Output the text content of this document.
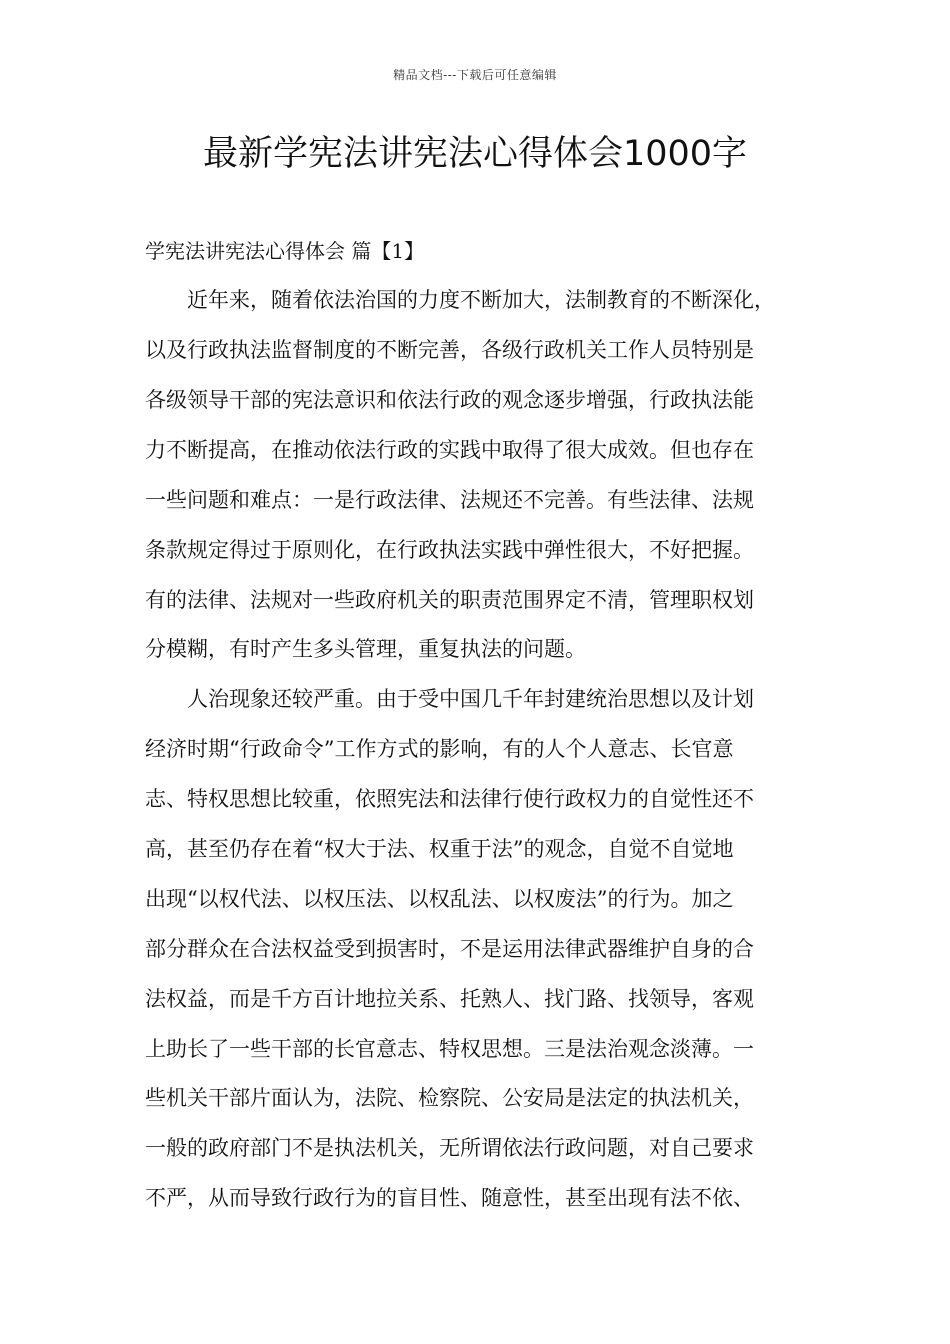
精品文档---下载后可任意编辑
最新学宪法讲宪法心得体会1000字

学宪法讲宪法心得体会 篇【1】

近年来，随着依法治国的力度不断加大，法制教育的不断深化，
以及行政执法监督制度的不断完善，各级行政机关工作人员特别是
各级领导干部的宪法意识和依法行政的观念逐步增强，行政执法能
力不断提高，在推动依法行政的实践中取得了很大成效。但也存在
一些问题和难点：一是行政法律、法规还不完善。有些法律、法规
条款规定得过于原则化，在行政执法实践中弹性很大，不好把握。
有的法律、法规对一些政府机关的职责范围界定不清，管理职权划
分模糊，有时产生多头管理，重复执法的问题。
人治现象还较严重。由于受中国几千年封建统治思想以及计划
经济时期“行政命令”工作方式的影响，有的人个人意志、长官意
志、特权思想比较重，依照宪法和法律行使行政权力的自觉性还不
高，甚至仍存在着“权大于法、权重于法”的观念，自觉不自觉地
出现“以权代法、以权压法、以权乱法、以权废法”的行为。加之
部分群众在合法权益受到损害时，不是运用法律武器维护自身的合
法权益，而是千方百计地拉关系、托熟人、找门路、找领导，客观
上助长了一些干部的长官意志、特权思想。三是法治观念淡薄。一
些机关干部片面认为，法院、检察院、公安局是法定的执法机关，
一般的政府部门不是执法机关，无所谓依法行政问题，对自己要求
不严，从而导致行政行为的盲目性、随意性，甚至出现有法不依、
